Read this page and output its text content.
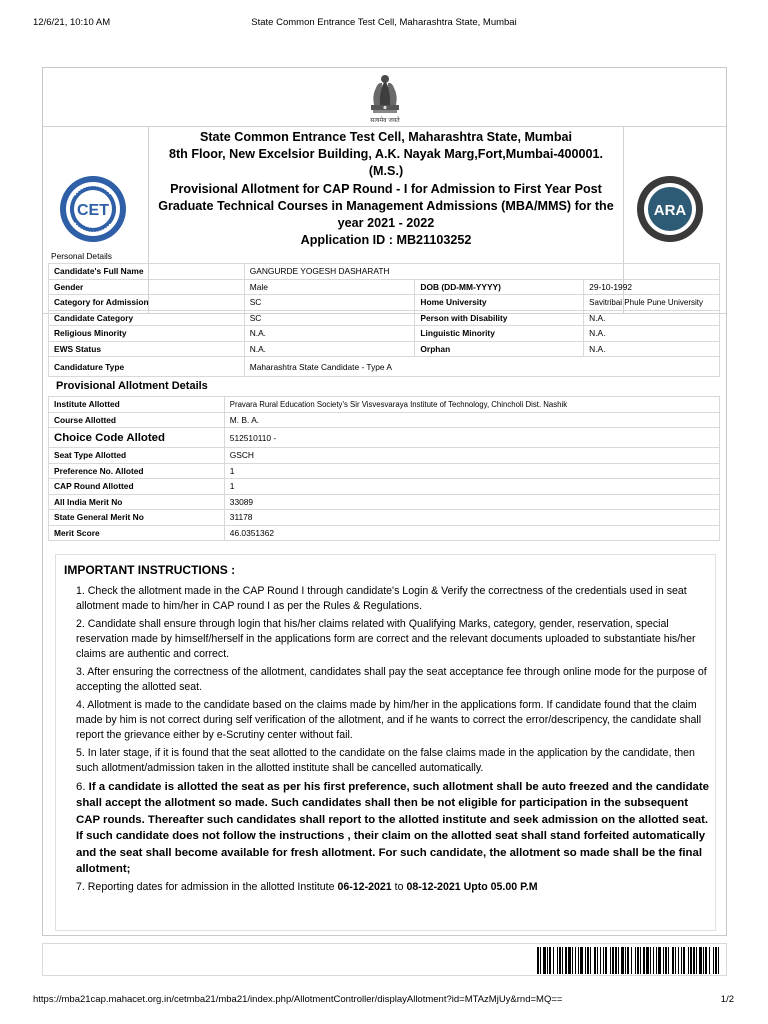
12/6/21, 10:10 AM	State Common Entrance Test Cell, Maharashtra State, Mumbai
सत्यमेव जयते
CET
State Common Entrance Test Cell, Maharashtra State, Mumbai
8th Floor, New Excelsior Building, A.K. Nayak Marg,Fort,Mumbai-400001.
(M.S.)
Provisional Allotment for CAP Round - I for Admission to First Year Post
Graduate Technical Courses in Management Admissions (MBA/MMS) for the
year 2021 - 2022
Application ID : MB21103252
ARA
Personal Details
Candidate's Full Name	GANGURDE YOGESH DASHARATH		
Gender	Male	DOB (DD-MM-YYYY)	29-10-1992
Category for Admission	SC	Home University	Savitribai Phule Pune University
Candidate Category	SC	Person with Disability	N.A.
Religious Minority	N.A.	Linguistic Minority	N.A.
EWS Status	N.A.	Orphan	N.A.
Candidature Type	Maharashtra State Candidate - Type A		
Provisional Allotment Details
Institute Allotted	Pravara Rural Education Society's Sir Visvesvaraya Institute of Technology, Chincholi Dist. Nashik
Course Allotted	M. B. A.
Choice Code Alloted	512510110 -
Seat Type Allotted	GSCH
Preference No. Alloted	1
CAP Round Allotted	1
All India Merit No	33089
State General Merit No	31178
Merit Score	46.0351362
IMPORTANT INSTRUCTIONS :

1. Check the allotment made in the CAP Round I through candidate's Login & Verify the correctness of the credentials used in seat allotment made to him/her in CAP round I as per the Rules & Regulations.

2. Candidate shall ensure through login that his/her claims related with Qualifying Marks, category, gender, reservation, special reservation made by himself/herself in the applications form are correct and the relevant documents uploaded to substantiate his/her claims are authentic and correct.

3. After ensuring the correctness of the allotment, candidates shall pay the seat acceptance fee through online mode for the purpose of accepting the allotted seat.

4. Allotment is made to the candidate based on the claims made by him/her in the applications form. If candidate found that the claim made by him is not correct during self verification of the allotment, and if he wants to correct the error/descripency, the candidate shall report the grievance either by e-Scrutiny center without fail.

5. In later stage, if it is found that the seat allotted to the candidate on the false claims made in the application by the candidate, then such allotment/admission taken in the allotted institute shall be cancelled automatically.

6. If a candidate is allotted the seat as per his first preference, such allotment shall be auto freezed and the candidate shall accept the allotment so made. Such candidates shall then be not eligible for participation in the subsequent CAP rounds. Thereafter such candidates shall report to the allotted institute and seek admission on the allotted seat. If such candidate does not follow the instructions , their claim on the allotted seat shall stand forfeited automatically and the seat shall become available for fresh allotment. For such candidate, the allotment so made shall be the final allotment;

7. Reporting dates for admission in the allotted Institute 06-12-2021 to 08-12-2021 Upto 05.00 P.M

https://mba21cap.mahacet.org.in/cetmba21/mba21/index.php/AllotmentController/displayAllotment?id=MTAzMjUy&rnd=MQ==	1/2
